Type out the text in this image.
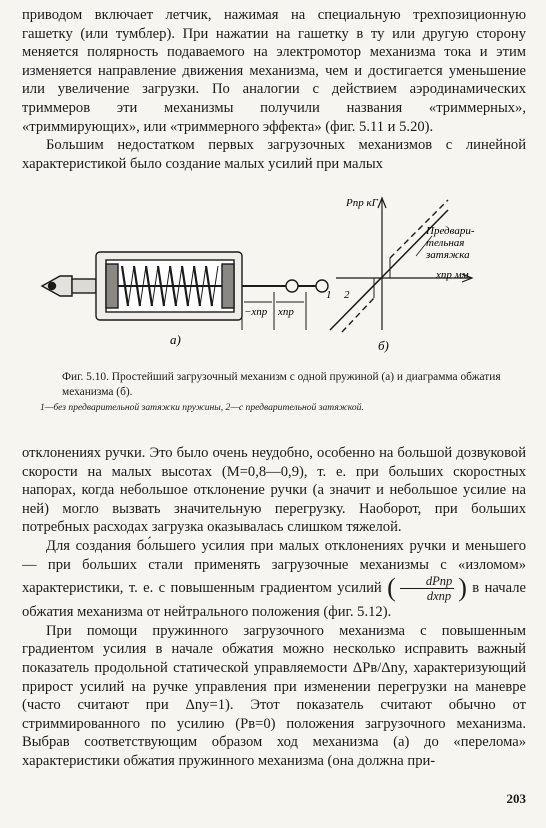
приводом включает летчик, нажимая на специальную трехпозиционную гашетку (или тумблер). При нажатии на гашетку в ту или другую сторону меняется полярность подаваемого на электромотор механизма тока и этим изменяется направление движения механизма, чем и достигается уменьшение или увеличение загрузки. По аналогии с действием аэродинамических триммеров эти механизмы получили названия «триммерных», «триммирующих», или «триммерного эффекта» (фиг. 5.11 и 5.20).

Большим недостатком первых загрузочных механизмов с линейной характеристикой было создание малых усилий при малых

−xпр xпр
а)
Pпр кГ
xпр мм
Предвари-
тельная
затяжка
1 2
б)
Фиг. 5.10. Простейший загрузочный механизм с одной пружиной (а) и диаграмма обжатия механизма (б).
1—без предварительной затяжки пружины, 2—с предварительной затяжкой.

отклонениях ручки. Это было очень неудобно, особенно на большой дозвуковой скорости на малых высотах (M=0,8—0,9), т. е. при больших скоростных напорах, когда небольшое отклонение ручки (а значит и небольшое усилие на ней) могло вызвать значительную перегрузку. Наоборот, при больших потребных расходах загрузка оказывалась слишком тяжелой.

Для создания бо́льшего усилия при малых отклонениях ручки и меньшего — при больших стали применять загрузочные механизмы с «изломом» характеристики, т. е. с повышенным градиентом усилий (	dPпр
dxпр ) в начале обжатия механизма от нейтрального положения (фиг. 5.12).

При помощи пружинного загрузочного механизма с повышенным градиентом усилия в начале обжатия можно несколько исправить важный показатель продольной статической управляемости ΔPв/Δny, характеризующий прирост усилий на ручке управления при изменении перегрузки на маневре (часто считают при Δny=1). Этот показатель считают обычно от стриммированного по усилию (Pв=0) положения загрузочного механизма. Выбрав соответствующим образом ход механизма (а) до «перелома» характеристики обжатия пружинного механизма (она должна при-

203
